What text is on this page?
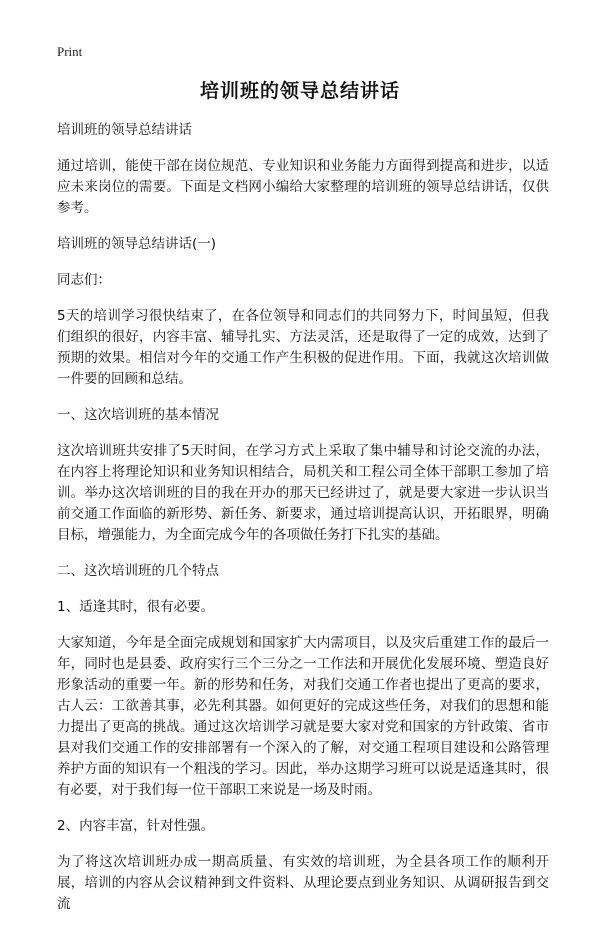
Print
培训班的领导总结讲话

培训班的领导总结讲话

通过培训，能使干部在岗位规范、专业知识和业务能力方面得到提高和进步，以适应未来岗位的需要。下面是文档网小编给大家整理的培训班的领导总结讲话，仅供参考。

培训班的领导总结讲话(一)

同志们：

5天的培训学习很快结束了，在各位领导和同志们的共同努力下，时间虽短，但我们组织的很好，内容丰富、辅导扎实、方法灵活，还是取得了一定的成效，达到了预期的效果。相信对今年的交通工作产生积极的促进作用。下面，我就这次培训做一件要的回顾和总结。

一、这次培训班的基本情况

这次培训班共安排了5天时间，在学习方式上采取了集中辅导和讨论交流的办法，在内容上将理论知识和业务知识相结合，局机关和工程公司全体干部职工参加了培训。举办这次培训班的目的我在开办的那天已经讲过了，就是要大家进一步认识当前交通工作面临的新形势、新任务、新要求，通过培训提高认识，开拓眼界，明确目标，增强能力，为全面完成今年的各项做任务打下扎实的基础。

二、这次培训班的几个特点

1、适逢其时，很有必要。

大家知道，今年是全面完成规划和国家扩大内需项目，以及灾后重建工作的最后一年，同时也是县委、政府实行三个三分之一工作法和开展优化发展环境、塑造良好形象活动的重要一年。新的形势和任务，对我们交通工作者也提出了更高的要求，古人云：工欲善其事，必先利其器。如何更好的完成这些任务，对我们的思想和能力提出了更高的挑战。通过这次培训学习就是要大家对党和国家的方针政策、省市县对我们交通工作的安排部署有一个深入的了解，对交通工程项目建设和公路管理养护方面的知识有一个粗浅的学习。因此，举办这期学习班可以说是适逢其时，很有必要，对于我们每一位干部职工来说是一场及时雨。

2、内容丰富，针对性强。

为了将这次培训班办成一期高质量、有实效的培训班，为全县各项工作的顺利开展，培训的内容从会议精神到文件资料、从理论要点到业务知识、从调研报告到交流
